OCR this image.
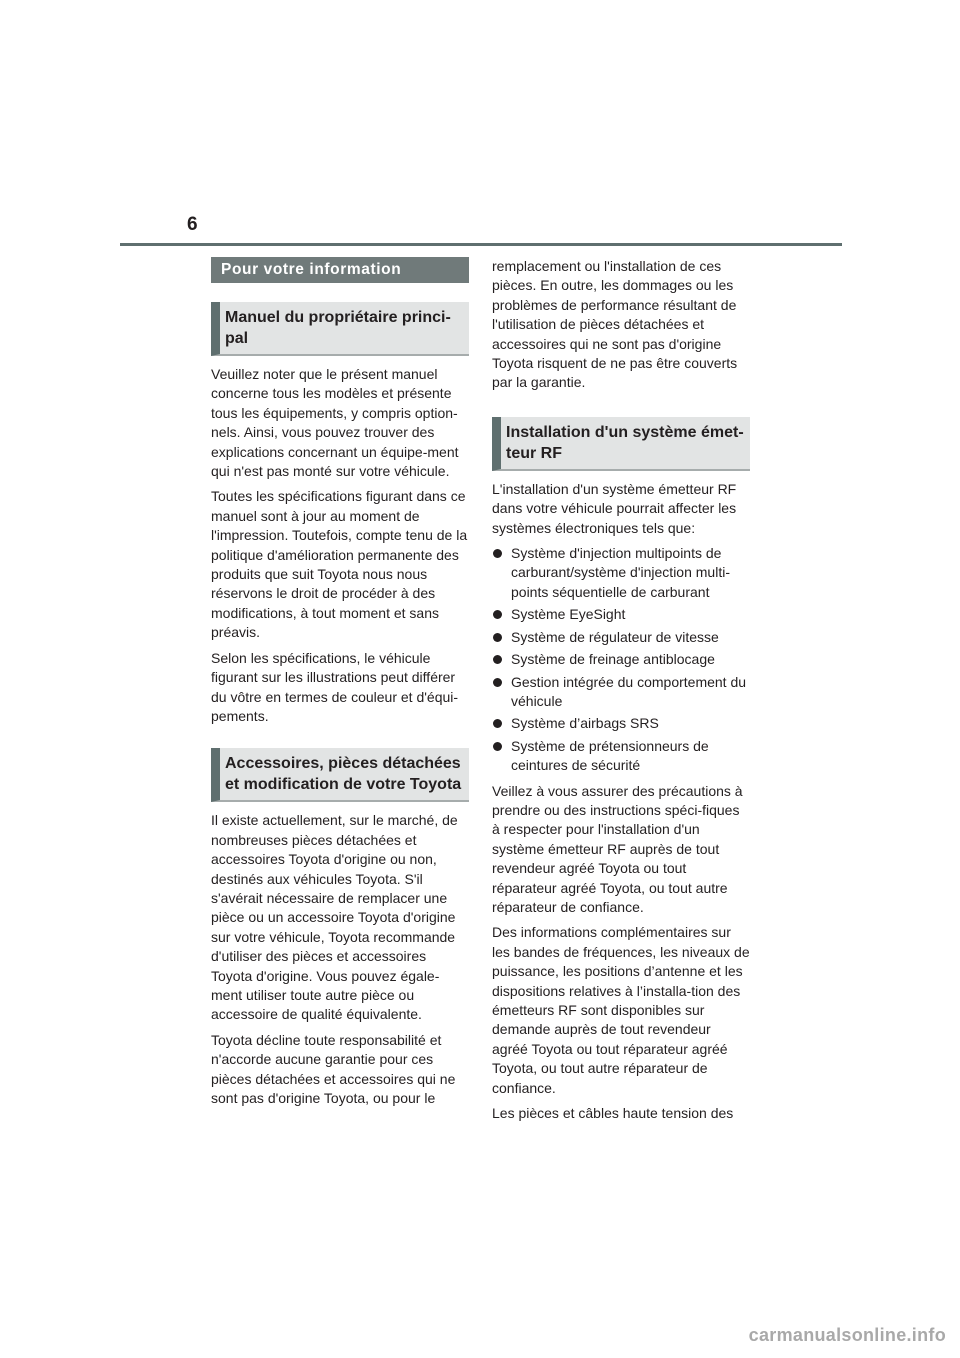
6
Pour votre information
Manuel du propriétaire princi-pal

Veuillez noter que le présent manuel concerne tous les modèles et présente tous les équipements, y compris option-nels. Ainsi, vous pouvez trouver des explications concernant un équipe-ment qui n'est pas monté sur votre véhicule.

Toutes les spécifications figurant dans ce manuel sont à jour au moment de l'impression. Toutefois, compte tenu de la politique d'amélioration permanente des produits que suit Toyota nous nous réservons le droit de procéder à des modifications, à tout moment et sans préavis.

Selon les spécifications, le véhicule figurant sur les illustrations peut différer du vôtre en termes de couleur et d'équi-pements.

Accessoires, pièces détachées et modification de votre Toyota

Il existe actuellement, sur le marché, de nombreuses pièces détachées et accessoires Toyota d'origine ou non, destinés aux véhicules Toyota. S'il s'avérait nécessaire de remplacer une pièce ou un accessoire Toyota d'origine sur votre véhicule, Toyota recommande d'utiliser des pièces et accessoires Toyota d'origine. Vous pouvez égale-ment utiliser toute autre pièce ou accessoire de qualité équivalente.

Toyota décline toute responsabilité et n'accorde aucune garantie pour ces pièces détachées et accessoires qui ne sont pas d'origine Toyota, ou pour le

remplacement ou l'installation de ces pièces. En outre, les dommages ou les problèmes de performance résultant de l'utilisation de pièces détachées et accessoires qui ne sont pas d'origine Toyota risquent de ne pas être couverts par la garantie.

Installation d'un système émet-teur RF

L'installation d'un système émetteur RF dans votre véhicule pourrait affecter les systèmes électroniques tels que:

Système d'injection multipoints de carburant/système d'injection multi-points séquentielle de carburant
Système EyeSight
Système de régulateur de vitesse
Système de freinage antiblocage
Gestion intégrée du comportement du véhicule
Système d’airbags SRS
Système de prétensionneurs de ceintures de sécurité

Veillez à vous assurer des précautions à prendre ou des instructions spéci-fiques à respecter pour l'installation d'un système émetteur RF auprès de tout revendeur agréé Toyota ou tout réparateur agréé Toyota, ou tout autre réparateur de confiance.

Des informations complémentaires sur les bandes de fréquences, les niveaux de puissance, les positions d’antenne et les dispositions relatives à l’installa-tion des émetteurs RF sont disponibles sur demande auprès de tout revendeur agréé Toyota ou tout réparateur agréé Toyota, ou tout autre réparateur de confiance.

Les pièces et câbles haute tension des

carmanualsonline.info
